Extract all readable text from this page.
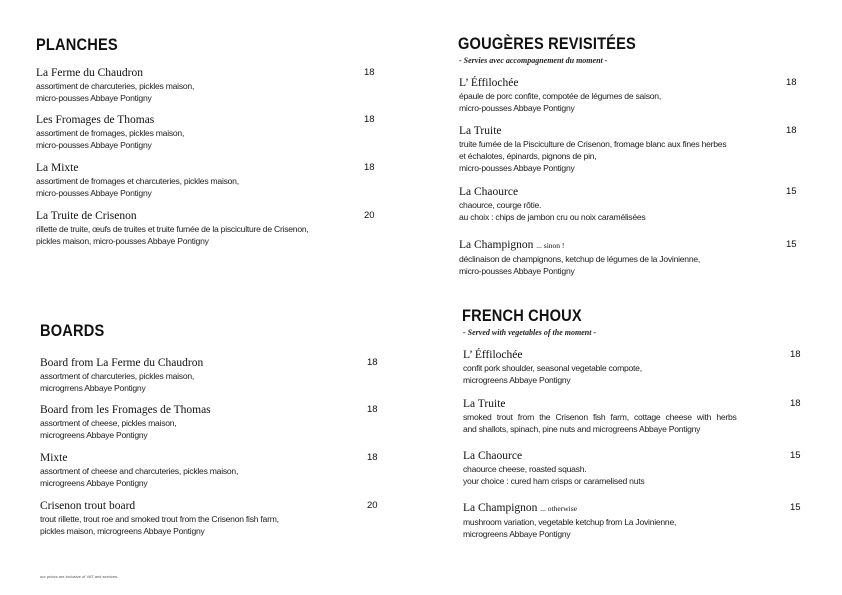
PLANCHES
La Ferme du Chaudron
assortiment de charcuteries, pickles maison,
micro-pousses Abbaye Pontigny
18
Les Fromages de Thomas
assortiment de fromages, pickles maison,
micro-pousses Abbaye Pontigny
18
La Mixte
assortiment de fromages et charcuteries, pickles maison,
micro-pousses Abbaye Pontigny
18
La Truite de Crisenon
rillette de truite, œufs de truites et truite fumée de la pisciculture de Crisenon,
pickles maison, micro-pousses Abbaye Pontigny
20
BOARDS
Board from La Ferme du Chaudron
assortment of charcuteries, pickles maison,
microgrrens Abbaye Pontigny
18
Board from les Fromages de Thomas
assortment of cheese, pickles maison,
microgreens Abbaye Pontigny
18
Mixte
assortment of cheese and charcuteries, pickles maison,
microgreens Abbaye Pontigny
18
Crisenon trout board
trout rillette, trout roe and smoked trout from the Crisenon fish farm,
pickles maison, microgreens Abbaye Pontigny
20
GOUGÈRES REVISITÉES
- Servies avec accompagnement du moment -
L’ Éffilochée
épaule de porc confite, compotée de légumes de saison,
micro-pousses Abbaye Pontigny
18
La Truite
truite fumée de la Pisciculture de Crisenon, fromage blanc aux fines herbes
et échalotes, épinards, pignons de pin,
micro-pousses Abbaye Pontigny
18
La Chaource
chaource, courge rôtie.
au choix : chips de jambon cru ou noix caramélisées
15
La Champignon ... sinon !
déclinaison de champignons, ketchup de légumes de la Jovinienne,
micro-pousses Abbaye Pontigny
15
FRENCH CHOUX
- Served with vegetables of the moment -
L’ Éffilochée
confit pork shoulder, seasonal vegetable compote,
microgreens Abbaye Pontigny
18
La Truite
smoked trout from the Crisenon fish farm, cottage cheese with herbs
and shallots, spinach, pine nuts and microgreens Abbaye Pontigny
18
La Chaource
chaource cheese, roasted squash.
your choice : cured ham crisps or caramelised nuts
15
La Champignon ... otherwise
mushroom variation, vegetable ketchup from La Jovinienne,
microgreens Abbaye Pontigny
15
our prices are inclusive of VAT and services.
